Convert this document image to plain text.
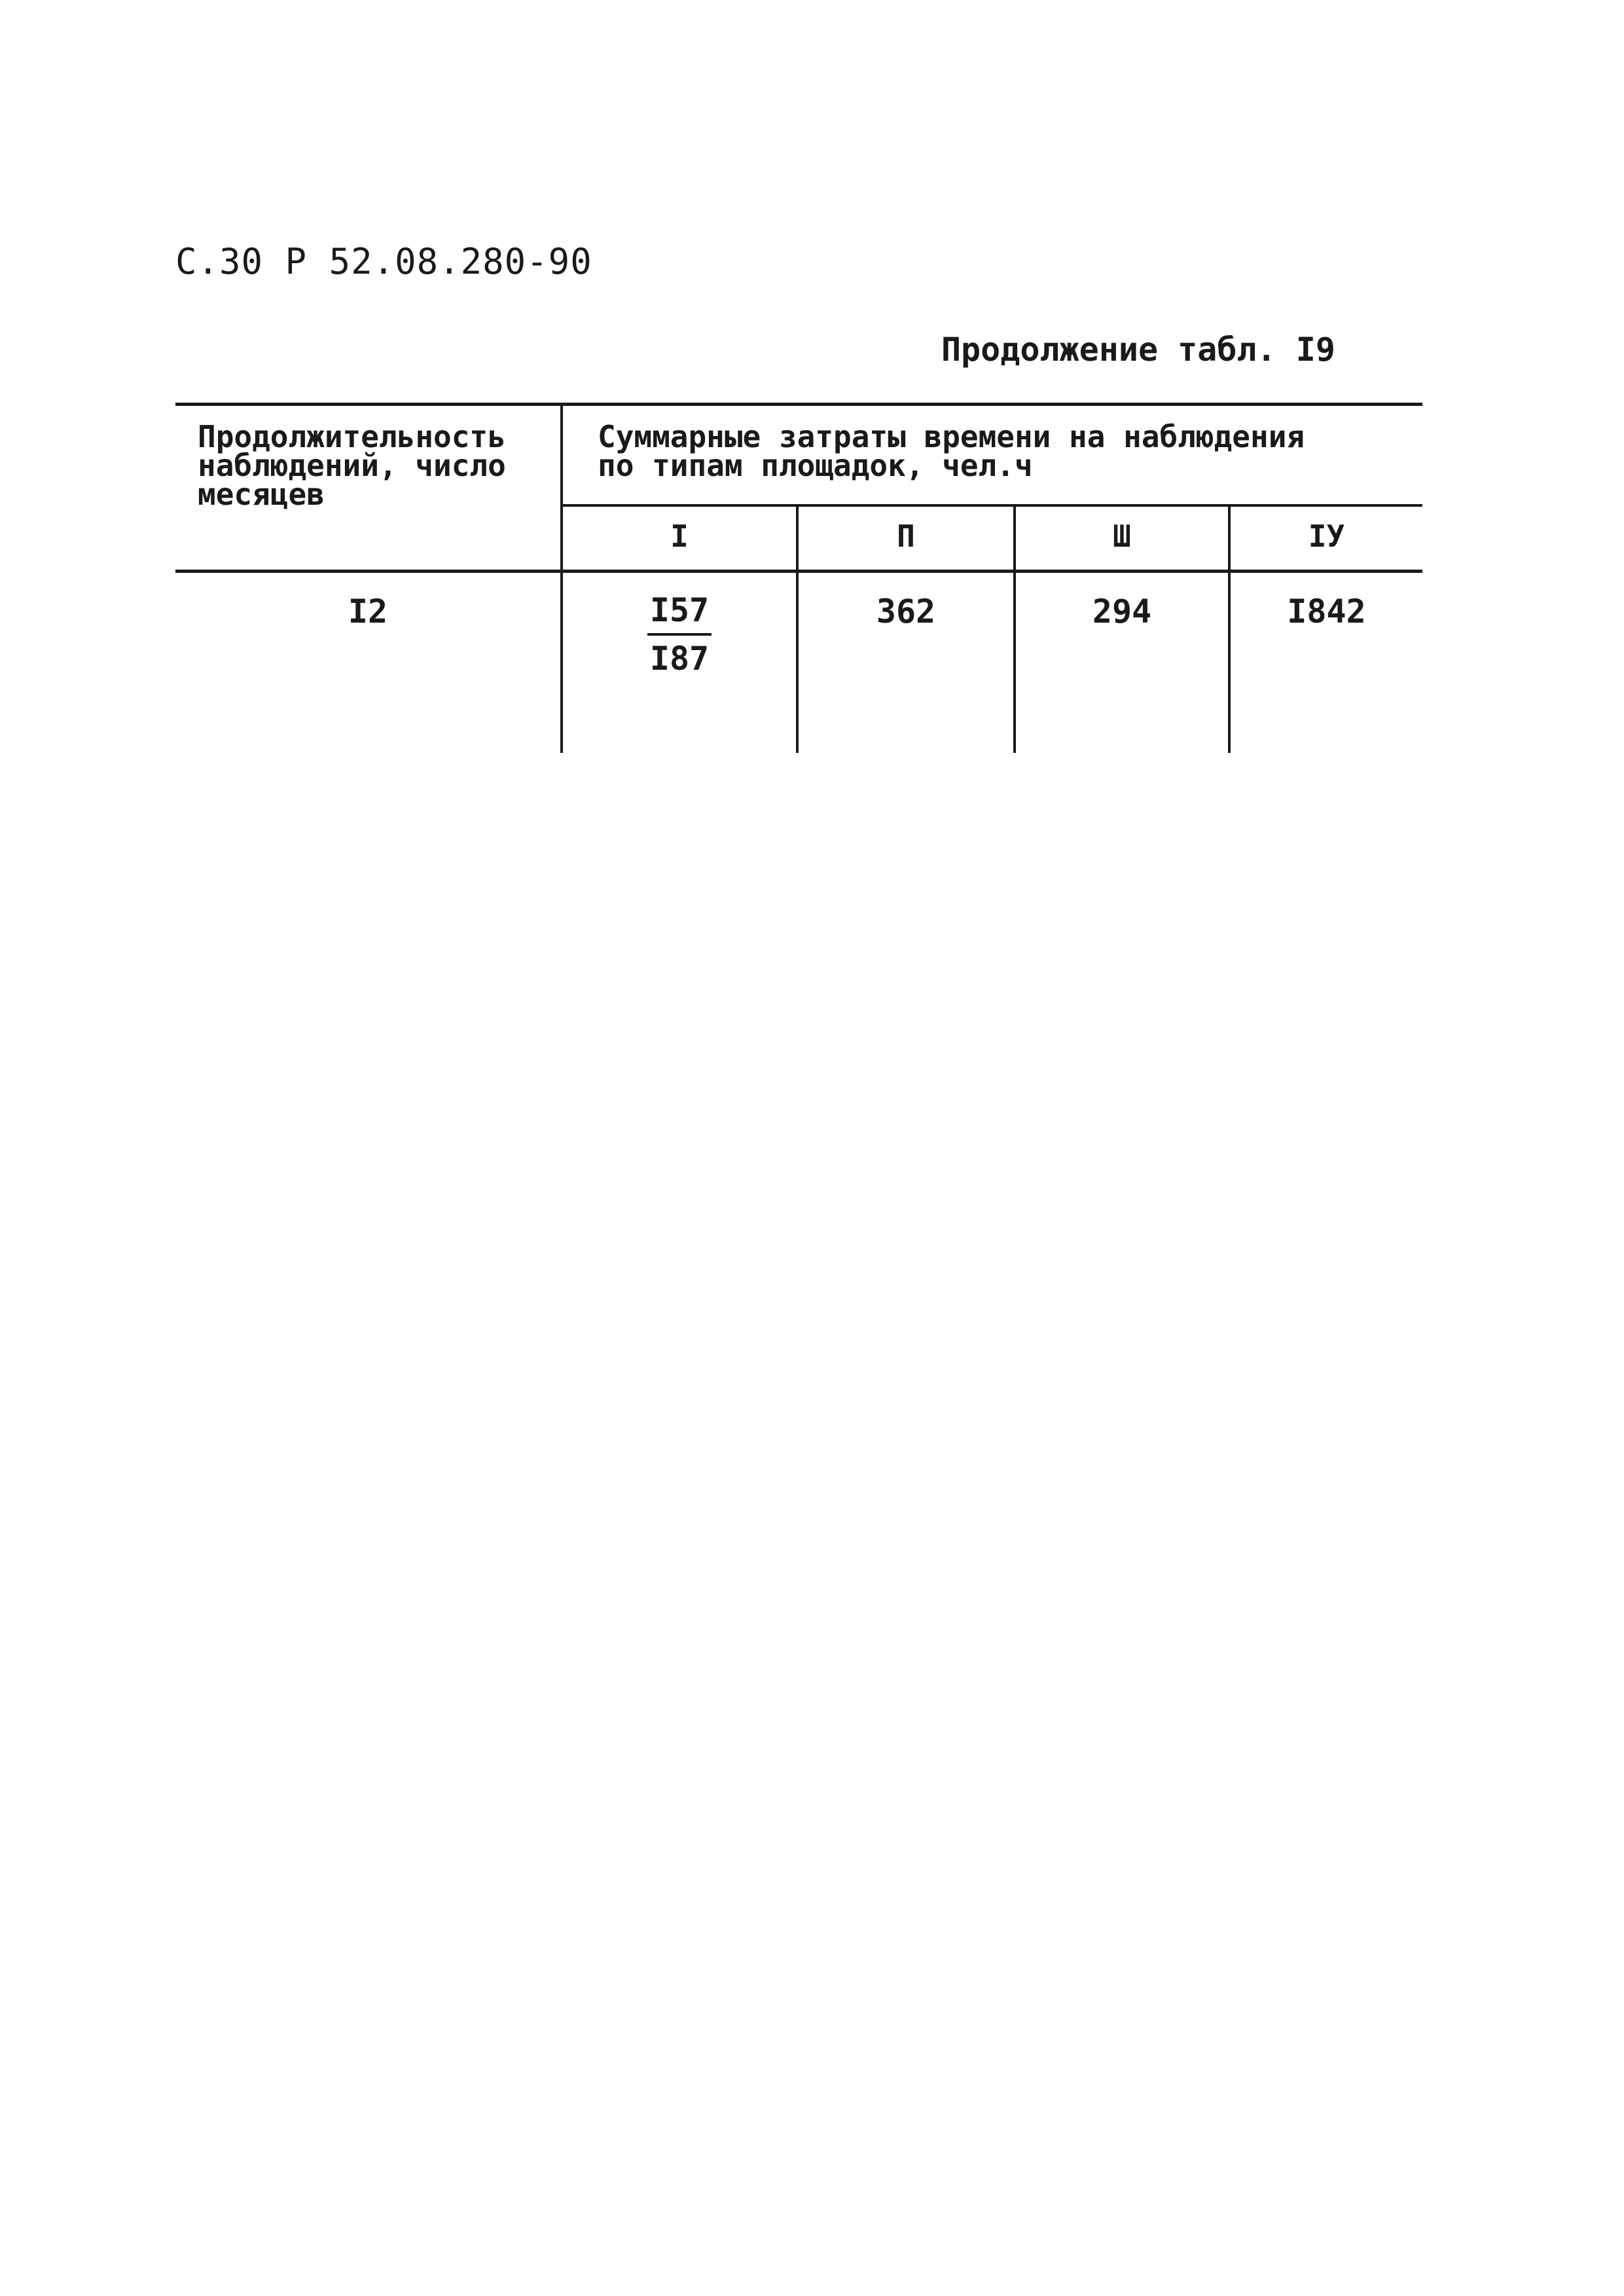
С.30 Р 52.08.280-90
Продолжение табл. I9
Продолжительность
наблюдений, число
месяцев
Суммарные затраты времени на наблюдения
по типам площадок, чел.ч
I	П	Ш	IУ
I2	$\frac{I57}{I87}$	362	294	I842
